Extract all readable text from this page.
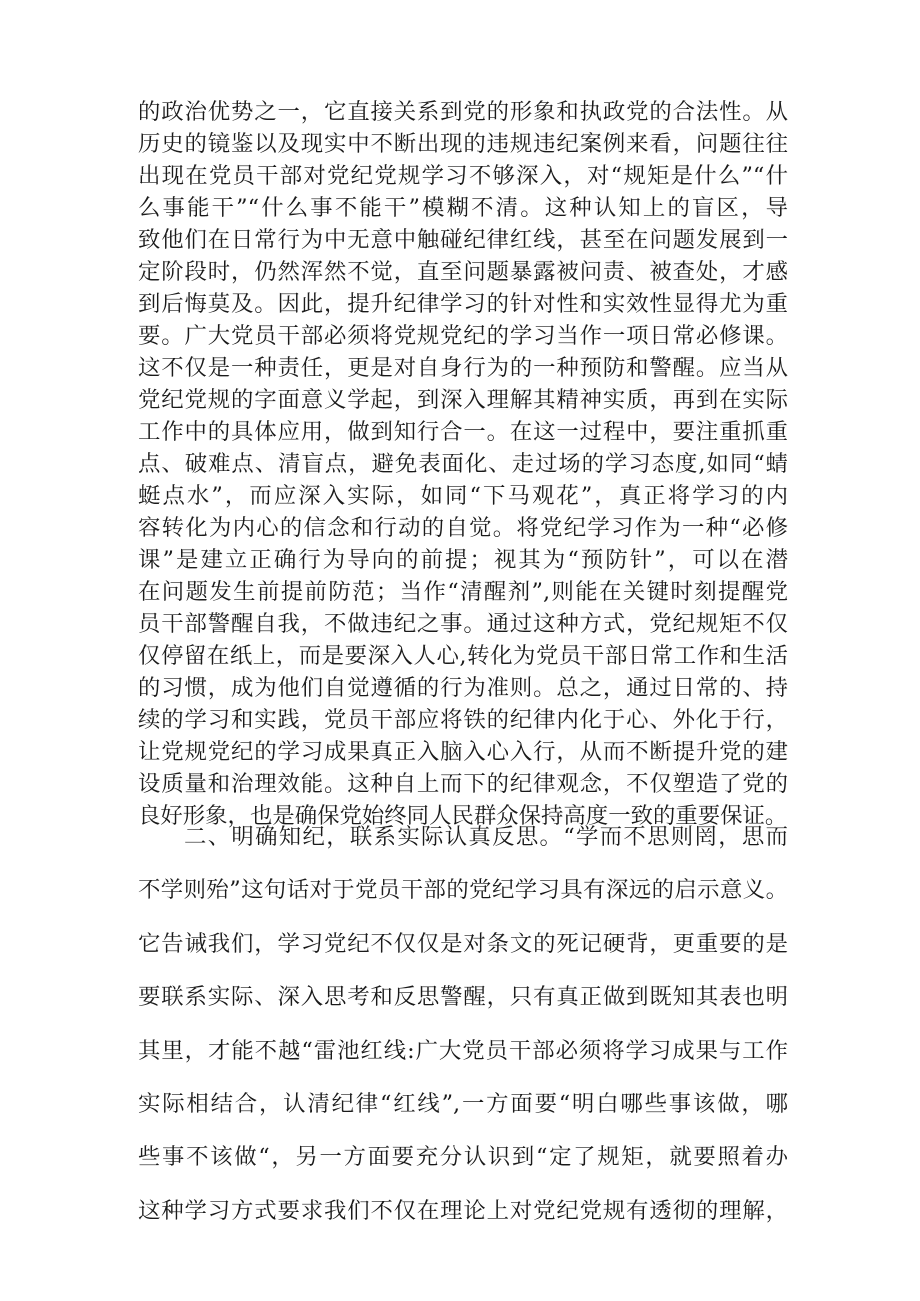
的政治优势之一，它直接关系到党的形象和执政党的合法性。从
历史的镜鉴以及现实中不断出现的违规违纪案例来看，问题往往
出现在党员干部对党纪党规学习不够深入，对“规矩是什么”“什
么事能干”“什么事不能干”模糊不清。这种认知上的盲区，导
致他们在日常行为中无意中触碰纪律红线，甚至在问题发展到一
定阶段时，仍然浑然不觉，直至问题暴露被问责、被查处，才感
到后悔莫及。因此，提升纪律学习的针对性和实效性显得尤为重
要。广大党员干部必须将党规党纪的学习当作一项日常必修课。
这不仅是一种责任，更是对自身行为的一种预防和警醒。应当从
党纪党规的字面意义学起，到深入理解其精神实质，再到在实际
工作中的具体应用，做到知行合一。在这一过程中，要注重抓重
点、破难点、清盲点，避免表面化、走过场的学习态度,如同“蜻
蜓点水”，而应深入实际，如同“下马观花”，真正将学习的内
容转化为内心的信念和行动的自觉。将党纪学习作为一种“必修
课”是建立正确行为导向的前提；视其为“预防针”，可以在潜
在问题发生前提前防范；当作“清醒剂”,则能在关键时刻提醒党
员干部警醒自我，不做违纪之事。通过这种方式，党纪规矩不仅
仅停留在纸上，而是要深入人心,转化为党员干部日常工作和生活
的习惯，成为他们自觉遵循的行为准则。总之，通过日常的、持
续的学习和实践，党员干部应将铁的纪律内化于心、外化于行，
让党规党纪的学习成果真正入脑入心入行，从而不断提升党的建
设质量和治理效能。这种自上而下的纪律观念，不仅塑造了党的
良好形象，也是确保党始终同人民群众保持高度一致的重要保证。
二、明确知纪，联系实际认真反思。“学而不思则罔，思而
不学则殆”这句话对于党员干部的党纪学习具有深远的启示意义。
它告诫我们，学习党纪不仅仅是对条文的死记硬背，更重要的是
要联系实际、深入思考和反思警醒，只有真正做到既知其表也明
其里，才能不越“雷池红线:广大党员干部必须将学习成果与工作
实际相结合，认清纪律“红线”,一方面要“明白哪些事该做，哪
些事不该做“，另一方面要充分认识到“定了规矩，就要照着办
这种学习方式要求我们不仅在理论上对党纪党规有透彻的理解，
